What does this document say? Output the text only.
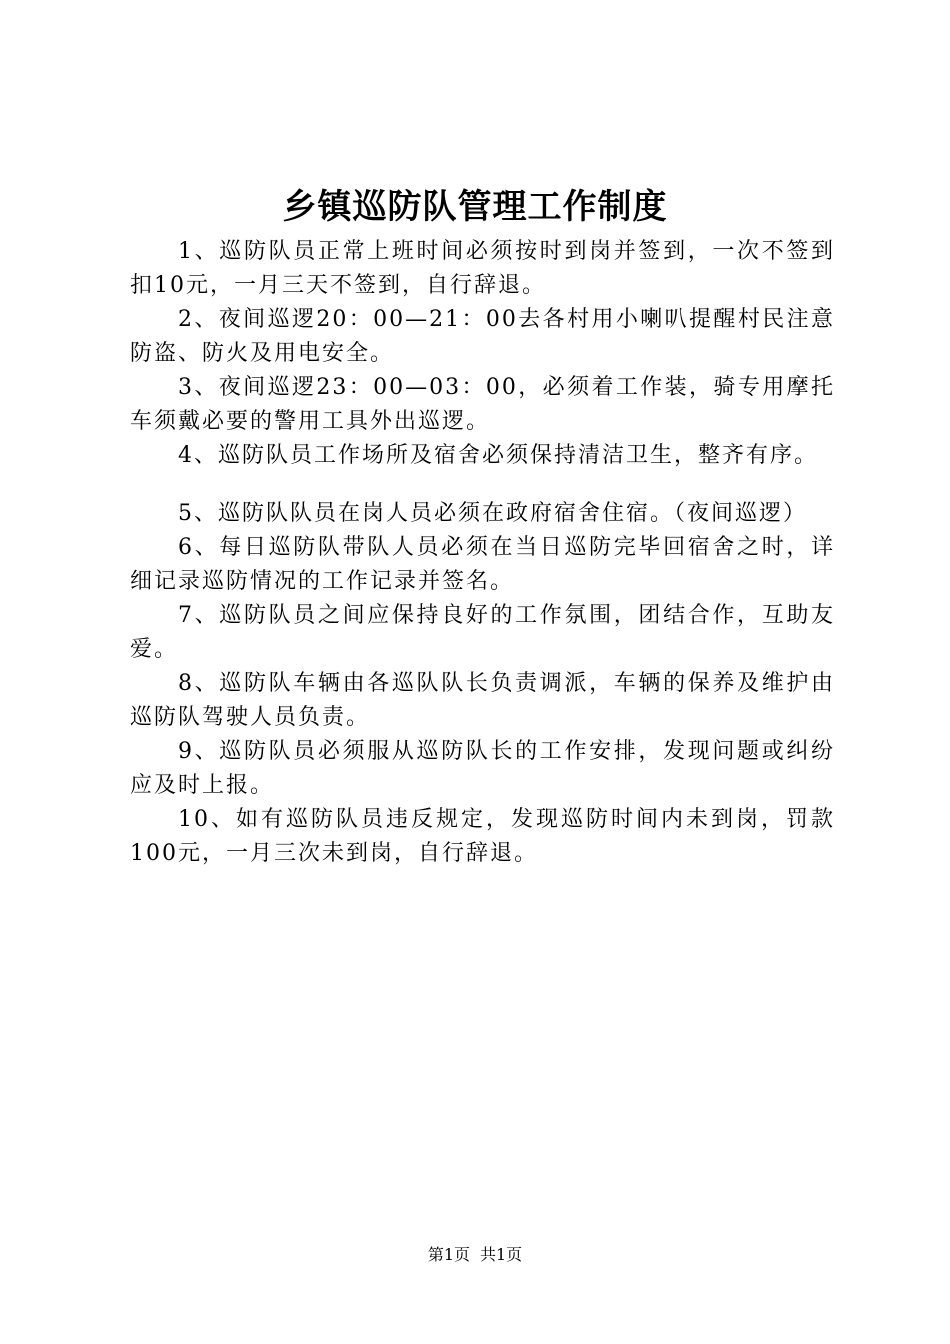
乡镇巡防队管理工作制度

1、巡防队员正常上班时间必须按时到岗并签到，一次不签到扣10元，一月三天不签到，自行辞退。

2、夜间巡逻20：00—21：00去各村用小喇叭提醒村民注意防盗、防火及用电安全。

3、夜间巡逻23：00—03：00，必须着工作装，骑专用摩托车须戴必要的警用工具外出巡逻。

4、巡防队员工作场所及宿舍必须保持清洁卫生，整齐有序。

5、巡防队队员在岗人员必须在政府宿舍住宿。（夜间巡逻）

6、每日巡防队带队人员必须在当日巡防完毕回宿舍之时，详细记录巡防情况的工作记录并签名。

7、巡防队员之间应保持良好的工作氛围，团结合作，互助友爱。

8、巡防队车辆由各巡队队长负责调派，车辆的保养及维护由巡防队驾驶人员负责。

9、巡防队员必须服从巡防队长的工作安排，发现问题或纠纷应及时上报。

10、如有巡防队员违反规定，发现巡防时间内未到岗，罚款100元，一月三次未到岗，自行辞退。

第1页 共1页
